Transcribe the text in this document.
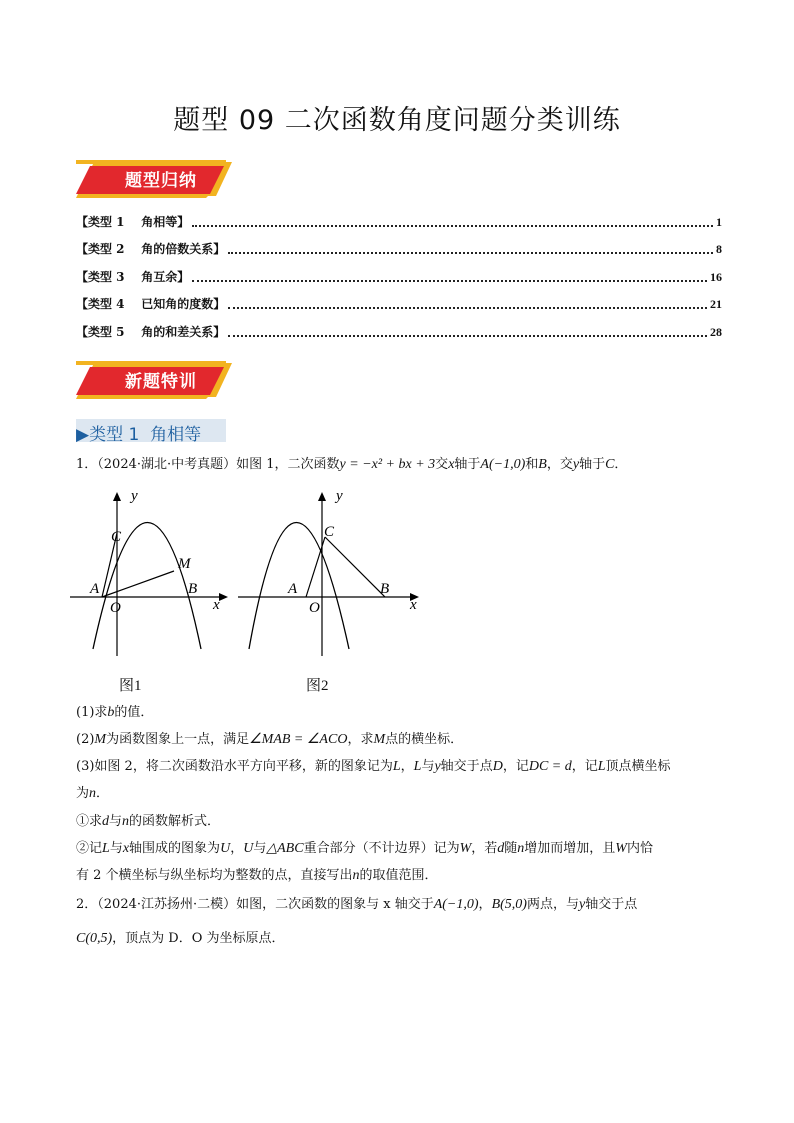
题型 09 二次函数角度问题分类训练
题型归纳
【类型 1    角相等】	1
【类型 2    角的倍数关系】	8
【类型 3    角互余】	16
【类型 4    已知角的度数】	21
【类型 5    角的和差关系】	28
新题特训
▶类型 1  角相等
1．（2024·湖北·中考真题）如图 1，二次函数y = −x² + bx + 3交x轴于A(−1,0)和B，交y轴于C．
y
C
M
A
O
B
x
图1
y
C
A
O
B
x
图2
(1)求b的值．
(2)M为函数图象上一点，满足∠MAB = ∠ACO，求M点的横坐标．
(3)如图 2，将二次函数沿水平方向平移，新的图象记为L，L与y轴交于点D，记DC = d，记L顶点横坐标
为n．
①求d与n的函数解析式．
②记L与x轴围成的图象为U，U与△ABC重合部分（不计边界）记为W，若d随n增加而增加，且W内恰
有 2 个横坐标与纵坐标均为整数的点，直接写出n的取值范围．
2．（2024·江苏扬州·二模）如图，二次函数的图象与 x 轴交于A(−1,0)，B(5,0)两点，与y轴交于点
C(0,5)，顶点为 D．O 为坐标原点．
